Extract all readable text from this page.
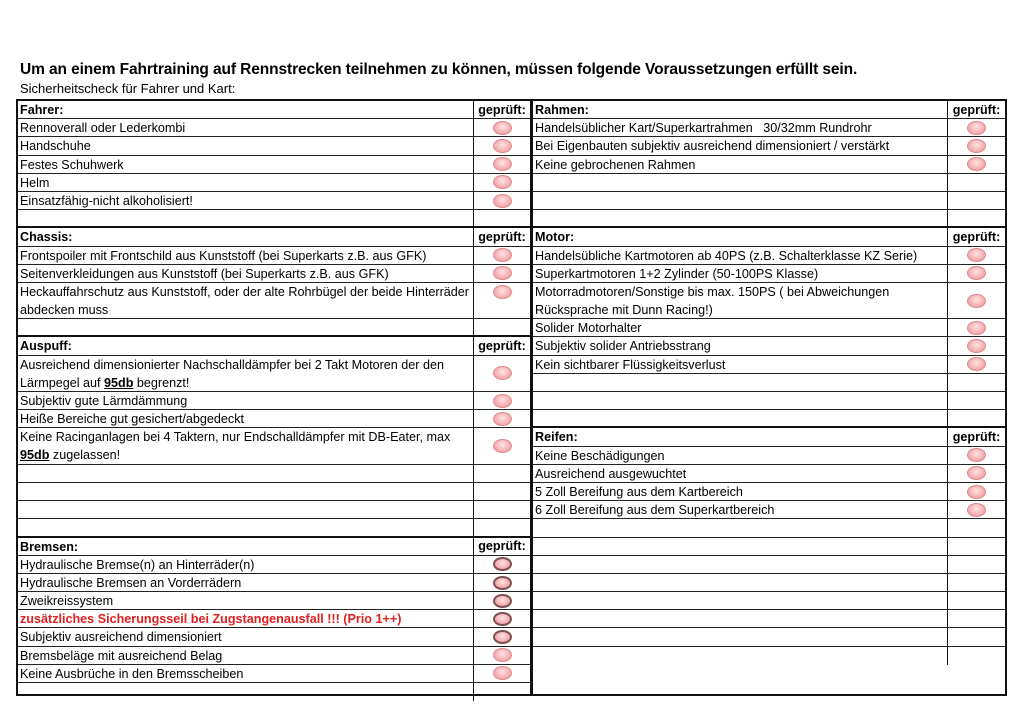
Um an einem Fahrtraining auf Rennstrecken teilnehmen zu können, müssen folgende Voraussetzungen erfüllt sein.
Sicherheitscheck für Fahrer und Kart:
Fahrer:	geprüft:
Rennoverall oder Lederkombi
Handschuhe
Festes Schuhwerk
Helm
Einsatzfähig-nicht alkoholisiert!
Chassis:	geprüft:
Frontspoiler mit Frontschild aus Kunststoff (bei Superkarts z.B. aus GFK)
Seitenverkleidungen aus Kunststoff (bei Superkarts z.B. aus GFK)
Heckauffahrschutz aus Kunststoff, oder der alte Rohrbügel der beide Hinterräder abdecken muss
Auspuff:	geprüft:
Ausreichend dimensionierter Nachschalldämpfer bei 2 Takt Motoren der den Lärmpegel auf 95db begrenzt!
Subjektiv gute Lärmdämmung
Heiße Bereiche gut gesichert/abgedeckt
Keine Racinganlagen bei 4 Taktern, nur Endschalldämpfer mit DB-Eater, max 95db zugelassen!
Bremsen:	geprüft:
Hydraulische Bremse(n) an Hinterräder(n)
Hydraulische Bremsen an Vorderrädern
Zweikreissystem
zusätzliches Sicherungsseil bei Zugstangenausfall !!! (Prio 1++)
Subjektiv ausreichend dimensioniert
Bremsbeläge mit ausreichend Belag
Keine Ausbrüche in den Bremsscheiben
Rahmen:	geprüft:
Handelsüblicher Kart/Superkartrahmen   30/32mm Rundrohr
Bei Eigenbauten subjektiv ausreichend dimensioniert / verstärkt
Keine gebrochenen Rahmen
Motor:	geprüft:
Handelsübliche Kartmotoren ab 40PS (z.B. Schalterklasse KZ Serie)
Superkartmotoren 1+2 Zylinder (50-100PS Klasse)
Motorradmotoren/Sonstige bis max. 150PS ( bei Abweichungen Rücksprache mit Dunn Racing!)
Solider Motorhalter
Subjektiv solider Antriebsstrang
Kein sichtbarer Flüssigkeitsverlust
Reifen:	geprüft:
Keine Beschädigungen
Ausreichend ausgewuchtet
5 Zoll Bereifung aus dem Kartbereich
6 Zoll Bereifung aus dem Superkartbereich
